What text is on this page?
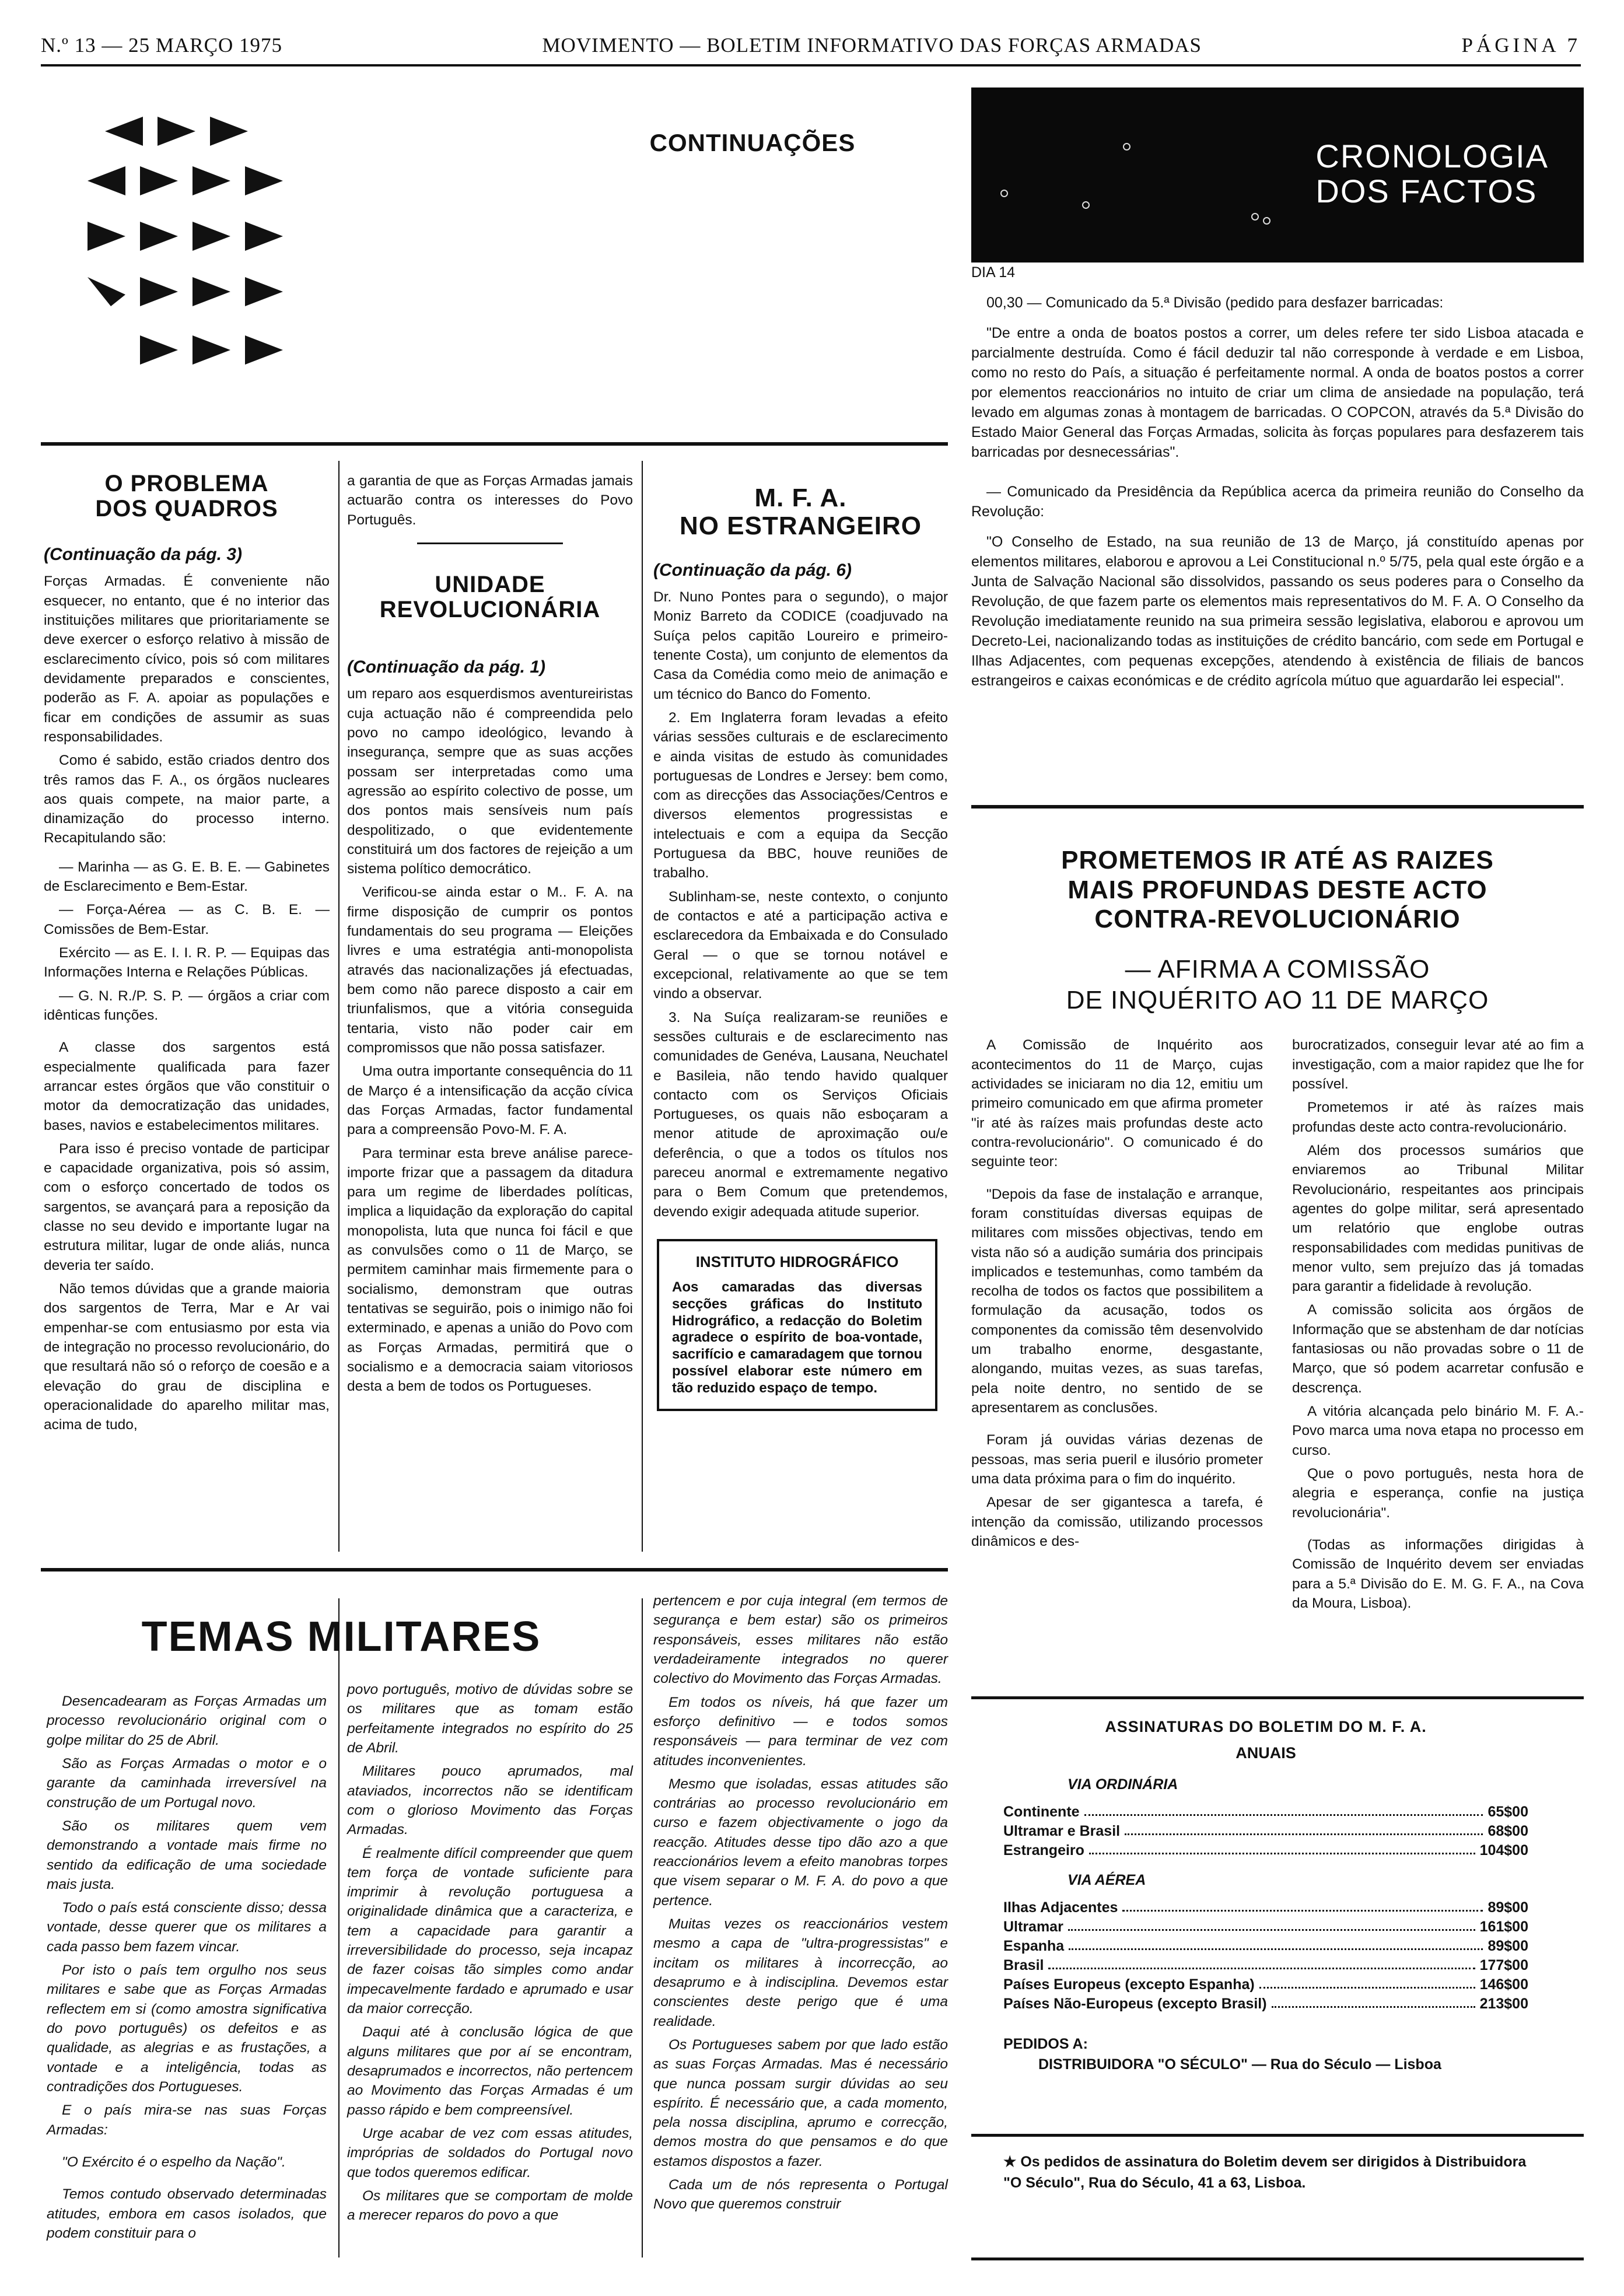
N.º 13 — 25 MARÇO 1975	MOVIMENTO — BOLETIM INFORMATIVO DAS FORÇAS ARMADAS	PÁGINA 7
CONTINUAÇÕES	CRONOLOGIA
DOS FACTOS

DIA 14

00,30 — Comunicado da 5.ª Divisão (pedido para desfazer barricadas:

"De entre a onda de boatos postos a correr, um deles refere ter sido Lisboa atacada e parcialmente destruída. Como é fácil deduzir tal não corresponde à verdade e em Lisboa, como no resto do País, a situação é perfeitamente normal. A onda de boatos postos a correr por elementos reaccionários no intuito de criar um clima de ansiedade na população, terá levado em algumas zonas à montagem de barricadas. O COPCON, através da 5.ª Divisão do Estado Maior General das Forças Armadas, solicita às forças populares para desfazerem tais barricadas por desnecessárias".

— Comunicado da Presidência da República acerca da primeira reunião do Conselho da Revolução:

"O Conselho de Estado, na sua reunião de 13 de Março, já constituído apenas por elementos militares, elaborou e aprovou a Lei Constitucional n.º 5/75, pela qual este órgão e a Junta de Salvação Nacional são dissolvidos, passando os seus poderes para o Conselho da Revolução, de que fazem parte os elementos mais representativos do M. F. A. O Conselho da Revolução imediatamente reunido na sua primeira sessão legislativa, elaborou e aprovou um Decreto-Lei, nacionalizando todas as instituições de crédito bancário, com sede em Portugal e Ilhas Adjacentes, com pequenas excepções, atendendo à existência de filiais de bancos estrangeiros e caixas económicas e de crédito agrícola mútuo que aguardarão lei especial".

O PROBLEMA
DOS QUADROS
(Continuação da pág. 3)

Forças Armadas. É conveniente não esquecer, no entanto, que é no interior das instituições militares que prioritariamente se deve exercer o esforço relativo à missão de esclarecimento cívico, pois só com militares devidamente preparados e conscientes, poderão as F. A. apoiar as populações e ficar em condições de assumir as suas responsabilidades.

Como é sabido, estão criados dentro dos três ramos das F. A., os órgãos nucleares aos quais compete, na maior parte, a dinamização do processo interno. Recapitulando são:

— Marinha — as G. E. B. E. — Gabinetes de Esclarecimento e Bem-Estar.

— Força-Aérea — as C. B. E. — Comissões de Bem-Estar.

Exército — as E. I. I. R. P. — Equipas das Informações Interna e Relações Públicas.

— G. N. R./P. S. P. — órgãos a criar com idênticas funções.

A classe dos sargentos está especialmente qualificada para fazer arrancar estes órgãos que vão constituir o motor da democratização das unidades, bases, navios e estabelecimentos militares.

Para isso é preciso vontade de participar e capacidade organizativa, pois só assim, com o esforço concertado de todos os sargentos, se avançará para a reposição da classe no seu devido e importante lugar na estrutura militar, lugar de onde aliás, nunca deveria ter saído.

Não temos dúvidas que a grande maioria dos sargentos de Terra, Mar e Ar vai empenhar-se com entusiasmo por esta via de integração no processo revolucionário, do que resultará não só o reforço de coesão e a elevação do grau de disciplina e operacionalidade do aparelho militar mas, acima de tudo,

a garantia de que as Forças Armadas jamais actuarão contra os interesses do Povo Português.

UNIDADE
REVOLUCIONÁRIA
(Continuação da pág. 1)

um reparo aos esquerdismos aventureiristas cuja actuação não é compreendida pelo povo no campo ideológico, levando à insegurança, sempre que as suas acções possam ser interpretadas como uma agressão ao espírito colectivo de posse, um dos pontos mais sensíveis num país despolitizado, o que evidentemente constituirá um dos factores de rejeição a um sistema político democrático.

Verificou-se ainda estar o M.. F. A. na firme disposição de cumprir os pontos fundamentais do seu programa — Eleições livres e uma estratégia anti-monopolista através das nacionalizações já efectuadas, bem como não parece disposto a cair em triunfalismos, que a vitória conseguida tentaria, visto não poder cair em compromissos que não possa satisfazer.

Uma outra importante consequência do 11 de Março é a intensificação da acção cívica das Forças Armadas, factor fundamental para a compreensão Povo-M. F. A.

Para terminar esta breve análise parece-importe frizar que a passagem da ditadura para um regime de liberdades políticas, implica a liquidação da exploração do capital monopolista, luta que nunca foi fácil e que as convulsões como o 11 de Março, se permitem caminhar mais firmemente para o socialismo, demonstram que outras tentativas se seguirão, pois o inimigo não foi exterminado, e apenas a união do Povo com as Forças Armadas, permitirá que o socialismo e a democracia saiam vitoriosos desta a bem de todos os Portugueses.

M. F. A.
NO ESTRANGEIRO
(Continuação da pág. 6)

Dr. Nuno Pontes para o segundo), o major Moniz Barreto da CODICE (coadjuvado na Suíça pelos capitão Loureiro e primeiro-tenente Costa), um conjunto de elementos da Casa da Comédia como meio de animação e um técnico do Banco do Fomento.

2. Em Inglaterra foram levadas a efeito várias sessões culturais e de esclarecimento e ainda visitas de estudo às comunidades portuguesas de Londres e Jersey: bem como, com as direcções das Associações/Centros e diversos elementos progressistas e intelectuais e com a equipa da Secção Portuguesa da BBC, houve reuniões de trabalho.

Sublinham-se, neste contexto, o conjunto de contactos e até a participação activa e esclarecedora da Embaixada e do Consulado Geral — o que se tornou notável e excepcional, relativamente ao que se tem vindo a observar.

3. Na Suíça realizaram-se reuniões e sessões culturais e de esclarecimento nas comunidades de Genéva, Lausana, Neuchatel e Basileia, não tendo havido qualquer contacto com os Serviços Oficiais Portugueses, os quais não esboçaram a menor atitude de aproximação ou/e deferência, o que a todos os títulos nos pareceu anormal e extremamente negativo para o Bem Comum que pretendemos, devendo exigir adequada atitude superior.

INSTITUTO HIDROGRÁFICO
Aos camaradas das diversas secções gráficas do Instituto Hidrográfico, a redacção do Boletim agradece o espírito de boa-vontade, sacrifício e camaradagem que tornou possível elaborar este número em tão reduzido espaço de tempo.
PROMETEMOS IR ATÉ AS RAIZES
MAIS PROFUNDAS DESTE ACTO
CONTRA-REVOLUCIONÁRIO
— AFIRMA A COMISSÃO
DE INQUÉRITO AO 11 DE MARÇO

A Comissão de Inquérito aos acontecimentos do 11 de Março, cujas actividades se iniciaram no dia 12, emitiu um primeiro comunicado em que afirma prometer "ir até às raízes mais profundas deste acto contra-revolucionário". O comunicado é do seguinte teor:

"Depois da fase de instalação e arranque, foram constituídas diversas equipas de militares com missões objectivas, tendo em vista não só a audição sumária dos principais implicados e testemunhas, como também da recolha de todos os factos que possibilitem a formulação da acusação, todos os componentes da comissão têm desenvolvido um trabalho enorme, desgastante, alongando, muitas vezes, as suas tarefas, pela noite dentro, no sentido de se apresentarem as conclusões.

Foram já ouvidas várias dezenas de pessoas, mas seria pueril e ilusório prometer uma data próxima para o fim do inquérito.

Apesar de ser gigantesca a tarefa, é intenção da comissão, utilizando processos dinâmicos e des-

burocratizados, conseguir levar até ao fim a investigação, com a maior rapidez que lhe for possível.

Prometemos ir até às raízes mais profundas deste acto contra-revolucionário.

Além dos processos sumários que enviaremos ao Tribunal Militar Revolucionário, respeitantes aos principais agentes do golpe militar, será apresentado um relatório que englobe outras responsabilidades com medidas punitivas de menor vulto, sem prejuízo das já tomadas para garantir a fidelidade à revolução.

A comissão solicita aos órgãos de Informação que se abstenham de dar notícias fantasiosas ou não provadas sobre o 11 de Março, que só podem acarretar confusão e descrença.

A vitória alcançada pelo binário M. F. A.-Povo marca uma nova etapa no processo em curso.

Que o povo português, nesta hora de alegria e esperança, confie na justiça revolucionária".

(Todas as informações dirigidas à Comissão de Inquérito devem ser enviadas para a 5.ª Divisão do E. M. G. F. A., na Cova da Moura, Lisboa).

TEMAS MILITARES

Desencadearam as Forças Armadas um processo revolucionário original com o golpe militar do 25 de Abril.

São as Forças Armadas o motor e o garante da caminhada irreversível na construção de um Portugal novo.

São os militares quem vem demonstrando a vontade mais firme no sentido da edificação de uma sociedade mais justa.

Todo o país está consciente disso; dessa vontade, desse querer que os militares a cada passo bem fazem vincar.

Por isto o país tem orgulho nos seus militares e sabe que as Forças Armadas reflectem em si (como amostra significativa do povo português) os defeitos e as qualidade, as alegrias e as frustações, a vontade e a inteligência, todas as contradições dos Portugueses.

E o país mira-se nas suas Forças Armadas:

"O Exército é o espelho da Nação".

Temos contudo observado determinadas atitudes, embora em casos isolados, que podem constituir para o

povo português, motivo de dúvidas sobre se os militares que as tomam estão perfeitamente integrados no espírito do 25 de Abril.

Militares pouco aprumados, mal ataviados, incorrectos não se identificam com o glorioso Movimento das Forças Armadas.

É realmente difícil compreender que quem tem força de vontade suficiente para imprimir à revolução portuguesa a originalidade dinâmica que a caracteriza, e tem a capacidade para garantir a irreversibilidade do processo, seja incapaz de fazer coisas tão simples como andar impecavelmente fardado e aprumado e usar da maior correcção.

Daqui até à conclusão lógica de que alguns militares que por aí se encontram, desaprumados e incorrectos, não pertencem ao Movimento das Forças Armadas é um passo rápido e bem compreensível.

Urge acabar de vez com essas atitudes, impróprias de soldados do Portugal novo que todos queremos edificar.

Os militares que se comportam de molde a merecer reparos do povo a que

pertencem e por cuja integral (em termos de segurança e bem estar) são os primeiros responsáveis, esses militares não estão verdadeiramente integrados no querer colectivo do Movimento das Forças Armadas.

Em todos os níveis, há que fazer um esforço definitivo — e todos somos responsáveis — para terminar de vez com atitudes inconvenientes.

Mesmo que isoladas, essas atitudes são contrárias ao processo revolucionário em curso e fazem objectivamente o jogo da reacção. Atitudes desse tipo dão azo a que reaccionários levem a efeito manobras torpes que visem separar o M. F. A. do povo a que pertence.

Muitas vezes os reaccionários vestem mesmo a capa de "ultra-progressistas" e incitam os militares à incorrecção, ao desaprumo e à indisciplina. Devemos estar conscientes deste perigo que é uma realidade.

Os Portugueses sabem por que lado estão as suas Forças Armadas. Mas é necessário que nunca possam surgir dúvidas ao seu espírito. É necessário que, a cada momento, pela nossa disciplina, aprumo e correcção, demos mostra do que pensamos e do que estamos dispostos a fazer.

Cada um de nós representa o Portugal Novo que queremos construir

ASSINATURAS DO BOLETIM DO M. F. A.
ANUAIS
VIA ORDINÁRIA
Continente	65$00
Ultramar e Brasil	68$00
Estrangeiro	104$00
VIA AÉREA
Ilhas Adjacentes	89$00
Ultramar	161$00
Espanha	89$00
Brasil	177$00
Países Europeus (excepto Espanha)	146$00
Países Não-Europeus (excepto Brasil)	213$00
PEDIDOS A:
DISTRIBUIDORA "O SÉCULO" — Rua do Século — Lisboa
★ Os pedidos de assinatura do Boletim devem ser dirigidos à Distribuidora "O Século", Rua do Século, 41 a 63, Lisboa.
